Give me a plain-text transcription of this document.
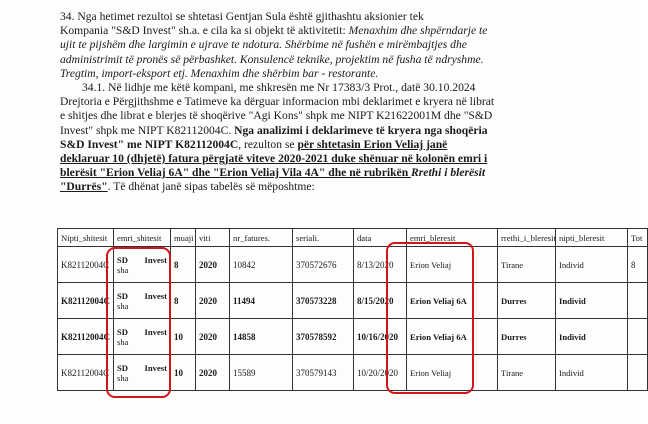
34. Nga hetimet rezultoi se shtetasi Gentjan Sula është gjithashtu aksionier tek
Kompania "S&D Invest" sh.a. e cila ka si objekt të aktivitetit: Menaxhim dhe shpërndarje te
ujit te pijshëm dhe largimin e ujrave te ndotura. Shërbime në fushën e mirëmbajtjes dhe
administrimit të pronës së përbashket. Konsulencë teknike, projektim në fusha të ndryshme.
Tregtim, import-eksport etj. Menaxhim dhe shërbim bar - restorante.
34.1. Në lidhje me këtë kompani, me shkresën me Nr 17383/3 Prot., datë 30.10.2024
Drejtoria e Përgjithshme e Tatimeve ka dërguar informacion mbi deklarimet e kryera në librat
e shitjes dhe librat e blerjes të shoqërive "Agi Kons" shpk me NIPT K21622001M dhe "S&D
Invest" shpk me NIPT K82112004C. Nga analizimi i deklarimeve të kryera nga shoqëria
S&D Invest" me NIPT K82112004C, rezulton se për shtetasin Erion Veliaj janë
deklaruar 10 (dhjetë) fatura përgjatë viteve 2020-2021 duke shënuar në kolonën emri i
blerësit "Erion Veliaj 6A" dhe "Erion Veliaj Vila 4A" dhe në rubrikën Rrethi i blerësit
"Durrës". Të dhënat janë sipas tabelës së mëposhtme:
Nipti_shitesit	emri_shitesit	muaji	viti	nr_fatures.	seriali.	data	emri_bleresit	rrethi_i_bleresit	nipti_bleresit	Tot
K82112004C	SD Invest
sha	8	2020	10842	370572676	8/13/2020	Erion Veliaj	Tirane	Individ	8
K82112004C	SD Invest
sha	8	2020	11494	370573228	8/15/2020	Erion Veliaj 6A	Durres	Individ	
K82112004C	SD Invest
sha	10	2020	14858	370578592	10/16/2020	Erion Veliaj 6A	Durres	Individ	
K82112004C	SD Invest
sha	10	2020	15589	370579143	10/20/2020	Erion Veliaj	Tirane	Individ	
